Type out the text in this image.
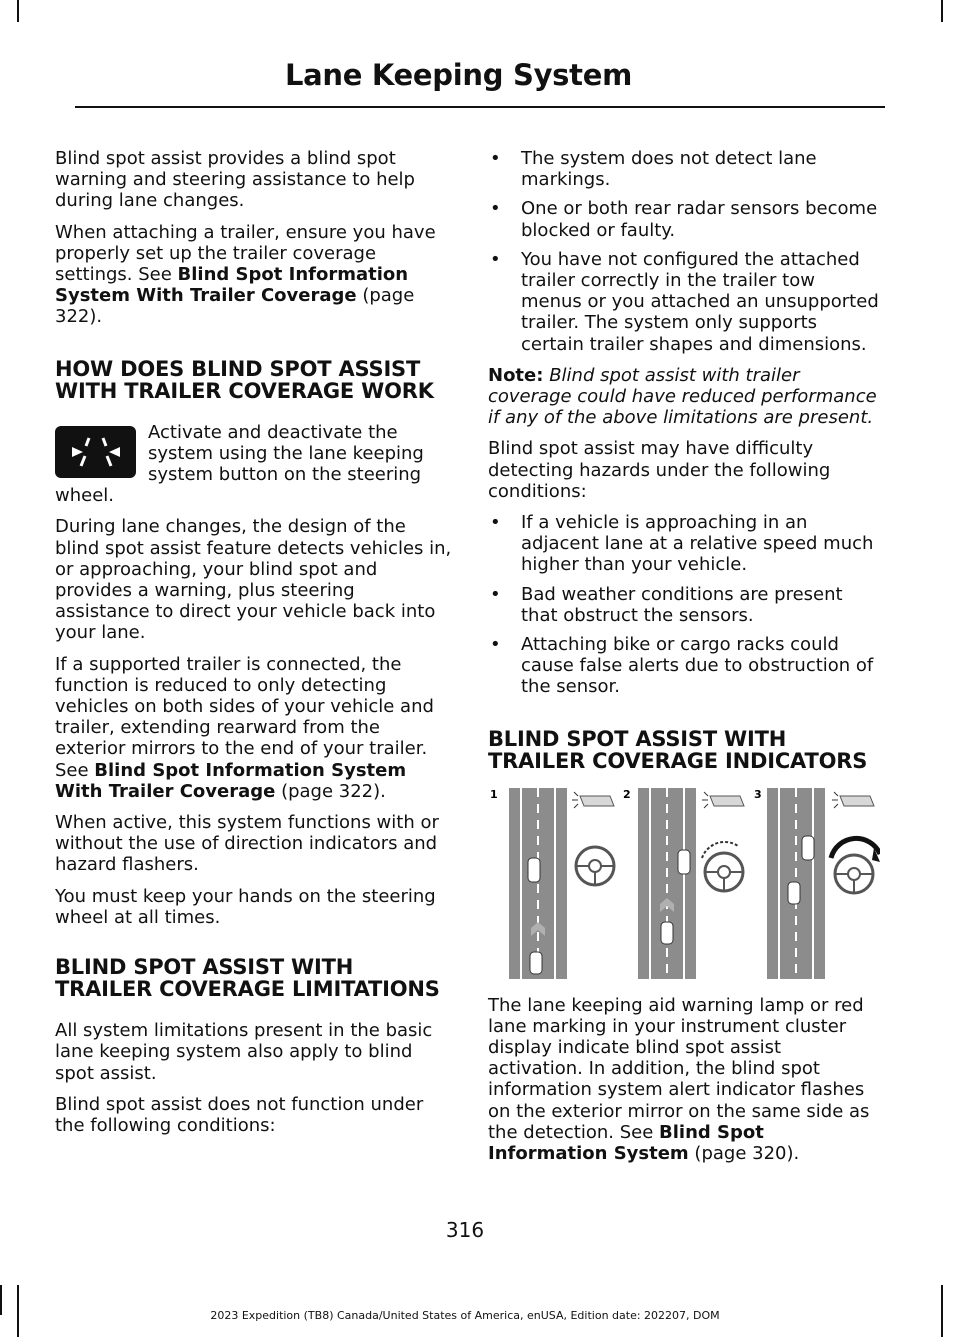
Lane Keeping System

Blind spot assist provides a blind spot warning and steering assistance to help during lane changes.

When attaching a trailer, ensure you have properly set up the trailer coverage settings. See Blind Spot Information System With Trailer Coverage (page 322).

HOW DOES BLIND SPOT ASSIST WITH TRAILER COVERAGE WORK

Activate and deactivate the system using the lane keeping system button on the steering wheel.

During lane changes, the design of the blind spot assist feature detects vehicles in, or approaching, your blind spot and provides a warning, plus steering assistance to direct your vehicle back into your lane.

If a supported trailer is connected, the function is reduced to only detecting vehicles on both sides of your vehicle and trailer, extending rearward from the exterior mirrors to the end of your trailer. See Blind Spot Information System With Trailer Coverage (page 322).

When active, this system functions with or without the use of direction indicators and hazard flashers.

You must keep your hands on the steering wheel at all times.

BLIND SPOT ASSIST WITH TRAILER COVERAGE LIMITATIONS

All system limitations present in the basic lane keeping system also apply to blind spot assist.

Blind spot assist does not function under the following conditions:

• The system does not detect lane markings.
• One or both rear radar sensors become blocked or faulty.
• You have not configured the attached trailer correctly in the trailer tow menus or you attached an unsupported trailer. The system only supports certain trailer shapes and dimensions.

Note: Blind spot assist with trailer coverage could have reduced performance if any of the above limitations are present.

Blind spot assist may have difficulty detecting hazards under the following conditions:

• If a vehicle is approaching in an adjacent lane at a relative speed much higher than your vehicle.
• Bad weather conditions are present that obstruct the sensors.
• Attaching bike or cargo racks could cause false alerts due to obstruction of the sensor.
BLIND SPOT ASSIST WITH TRAILER COVERAGE INDICATORS
1	2	3

The lane keeping aid warning lamp or red lane marking in your instrument cluster display indicate blind spot assist activation. In addition, the blind spot information system alert indicator flashes on the exterior mirror on the same side as the detection. See Blind Spot Information System (page 320).

316
2023 Expedition (TB8) Canada/United States of America, enUSA, Edition date: 202207, DOM
